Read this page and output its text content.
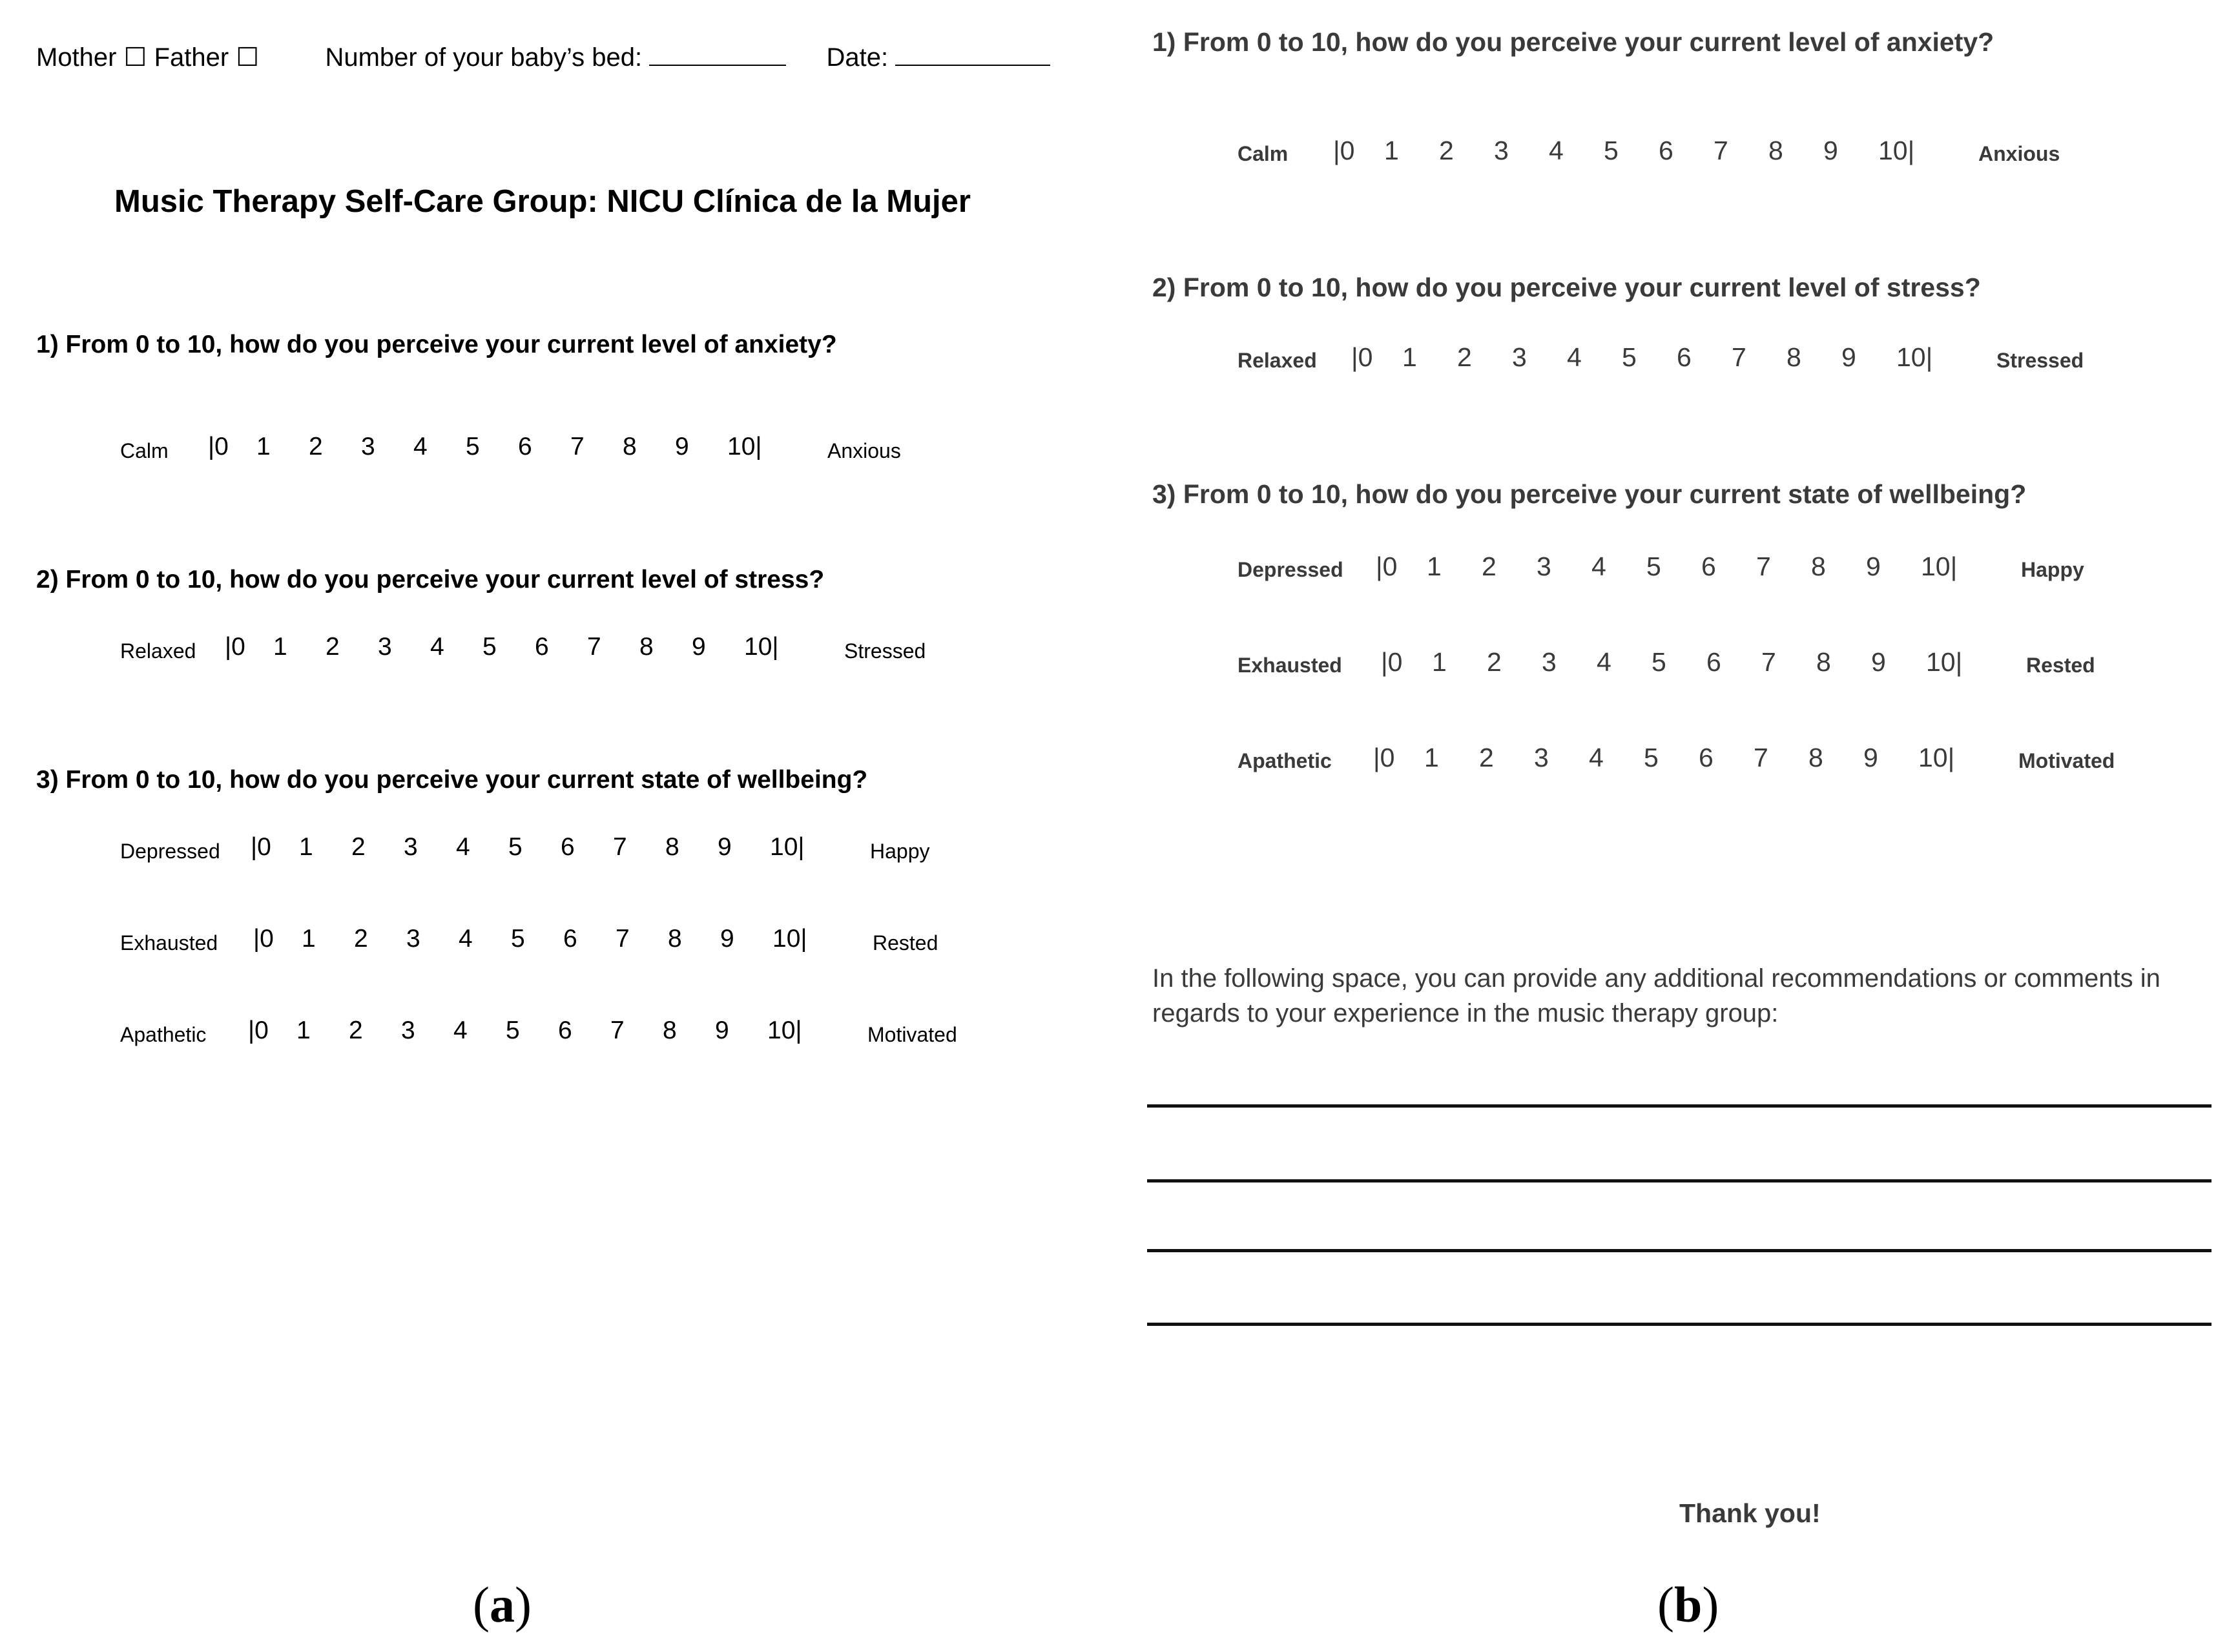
Mother ☐ Father ☐	Number of your baby’s bed:	Date:
Music Therapy Self-Care Group: NICU Clínica de la Mujer
1) From 0 to 10, how do you perceive your current level of anxiety?
Calm |0 1 2 3 4 5 6 7 8 9 10|	Anxious
2) From 0 to 10, how do you perceive your current level of stress?
Relaxed |0 1 2 3 4 5 6 7 8 9 10|	Stressed
3) From 0 to 10, how do you perceive your current state of wellbeing?
Depressed |0 1 2 3 4 5 6 7 8 9 10|	Happy
Exhausted |0 1 2 3 4 5 6 7 8 9 10|	Rested
Apathetic |0 1 2 3 4 5 6 7 8 9 10|	Motivated
1) From 0 to 10, how do you perceive your current level of anxiety?
Calm |0 1 2 3 4 5 6 7 8 9 10|	Anxious
2) From 0 to 10, how do you perceive your current level of stress?
Relaxed |0 1 2 3 4 5 6 7 8 9 10|	Stressed
3) From 0 to 10, how do you perceive your current state of wellbeing?
Depressed |0 1 2 3 4 5 6 7 8 9 10|	Happy
Exhausted |0 1 2 3 4 5 6 7 8 9 10|	Rested
Apathetic |0 1 2 3 4 5 6 7 8 9 10|	Motivated
In the following space, you can provide any additional recommendations or comments in regards to your experience in the music therapy group:
Thank you!
(a)	(b)
